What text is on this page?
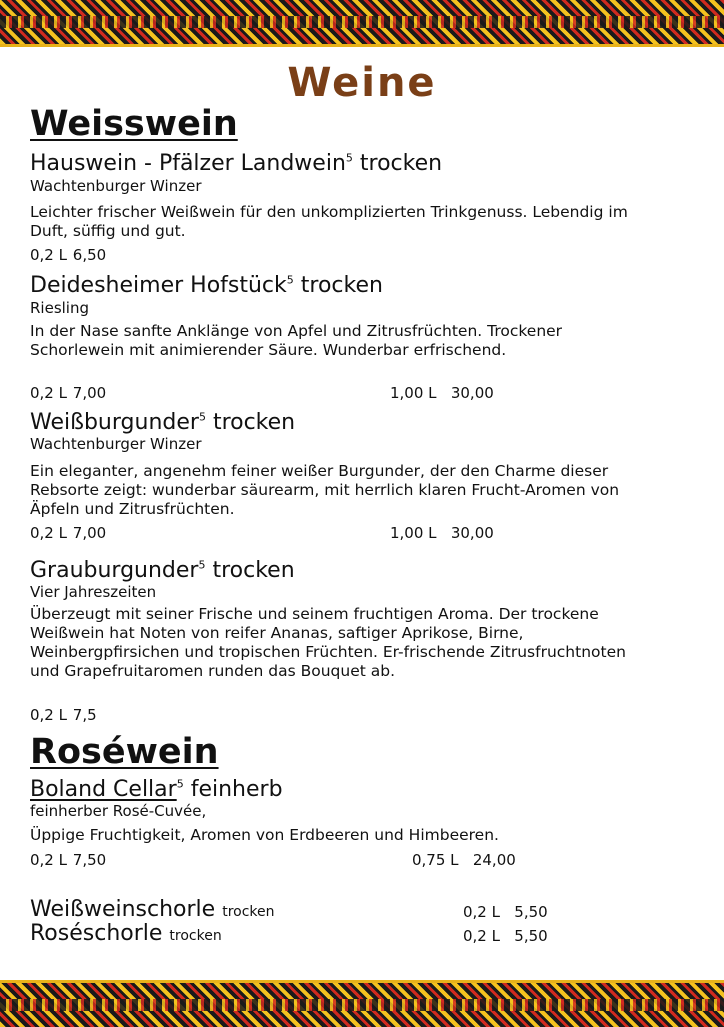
Weine
Weisswein
Hauswein - Pfälzer Landwein$^5$ trocken
Wachtenburger Winzer
Leichter frischer Weißwein für den unkomplizierten Trinkgenuss. Lebendig im Duft, süffig und gut.
0,2 L 6,50
Deidesheimer Hofstück$^5$ trocken
Riesling
In der Nase sanfte Anklänge von Apfel und Zitrusfrüchten. Trockener Schorlewein mit animierender Säure. Wunderbar erfrischend.
0,2 L 7,00	1,00 L 30,00
Weißburgunder$^5$ trocken
Wachtenburger Winzer
Ein eleganter, angenehm feiner weißer Burgunder, der den Charme dieser Rebsorte zeigt: wunderbar säurearm, mit herrlich klaren Frucht-Aromen von Äpfeln und Zitrusfrüchten.
0,2 L 7,00	1,00 L 30,00
Grauburgunder$^5$ trocken
Vier Jahreszeiten
Überzeugt mit seiner Frische und seinem fruchtigen Aroma. Der trockene Weißwein hat Noten von reifer Ananas, saftiger Aprikose, Birne, Weinbergpfirsichen und tropischen Früchten. Er-frischende Zitrusfruchtnoten und Grapefruitaromen runden das Bouquet ab.
0,2 L 7,5
Roséwein
Boland Cellar$^5$ feinherb
feinherber Rosé-Cuvée,
Üppige Fruchtigkeit, Aromen von Erdbeeren und Himbeeren.
0,2 L 7,50	0,75 L 24,00
Weißweinschorle trocken	0,2 L 5,50
Roséschorle trocken	0,2 L 5,50
